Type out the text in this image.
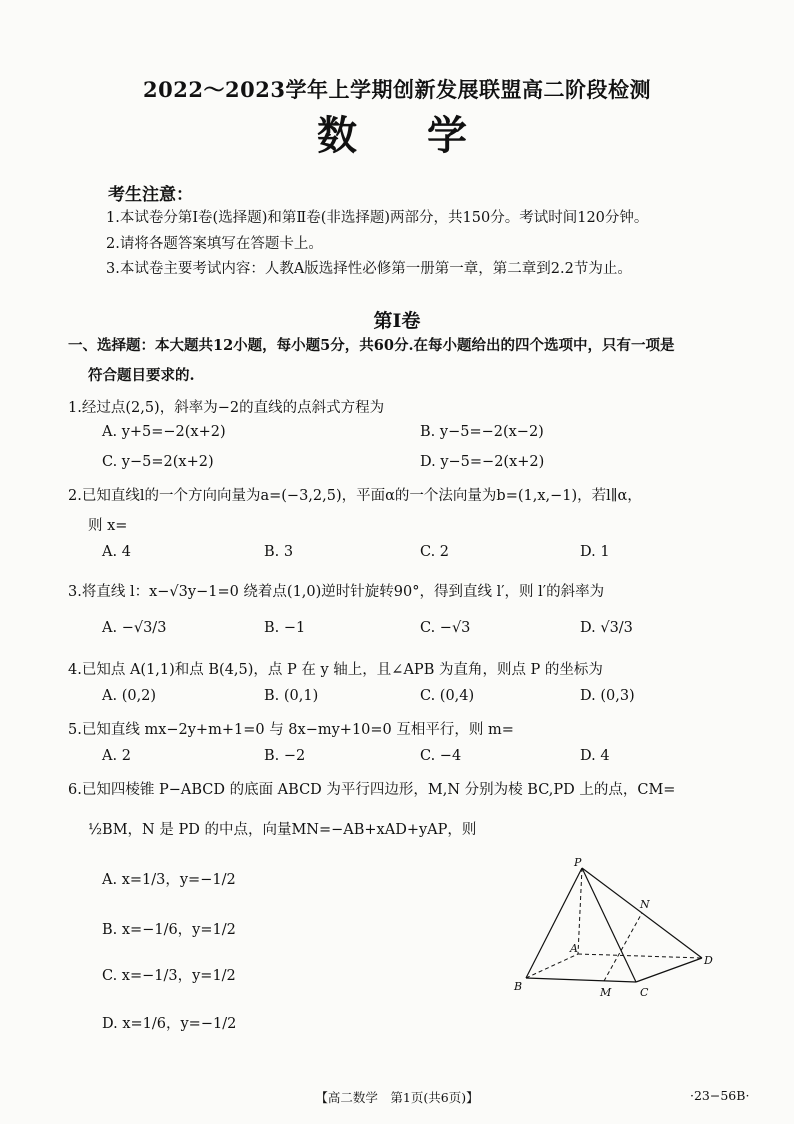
2022～2023学年上学期创新发展联盟高二阶段检测
数学
考生注意：
1.本试卷分第Ⅰ卷(选择题)和第Ⅱ卷(非选择题)两部分，共150分。考试时间120分钟。
2.请将各题答案填写在答题卡上。
3.本试卷主要考试内容：人教A版选择性必修第一册第一章，第二章到2.2节为止。
第Ⅰ卷
一、选择题：本大题共12小题，每小题5分，共60分.在每小题给出的四个选项中，只有一项是
符合题目要求的.
1.经过点(2,5)，斜率为−2的直线的点斜式方程为
A. y+5=−2(x+2)	B. y−5=−2(x−2)
C. y−5=2(x+2)	D. y−5=−2(x+2)
2.已知直线l的一个方向向量为a=(−3,2,5)，平面α的一个法向量为b=(1,x,−1)，若l∥α，
则 x=
A. 4	B. 3	C. 2	D. 1
3.将直线 l：x−√3y−1=0 绕着点(1,0)逆时针旋转90°，得到直线 l′，则 l′的斜率为
A. −√3/3	B. −1	C. −√3	D. √3/3
4.已知点 A(1,1)和点 B(4,5)，点 P 在 y 轴上，且∠APB 为直角，则点 P 的坐标为
A. (0,2)	B. (0,1)	C. (0,4)	D. (0,3)
5.已知直线 mx−2y+m+1=0 与 8x−my+10=0 互相平行，则 m=
A. 2	B. −2	C. −4	D. 4
6.已知四棱锥 P−ABCD 的底面 ABCD 为平行四边形，M,N 分别为棱 BC,PD 上的点，CM=
½BM，N 是 PD 的中点，向量MN=−AB+xAD+yAP，则
A. x=1/3，y=−1/2
B. x=−1/6，y=1/2
C. x=−1/3，y=1/2
D. x=1/6，y=−1/2
P
N
A
D
B	M	C
【高二数学　第1页(共6页)】	·23−56B·
